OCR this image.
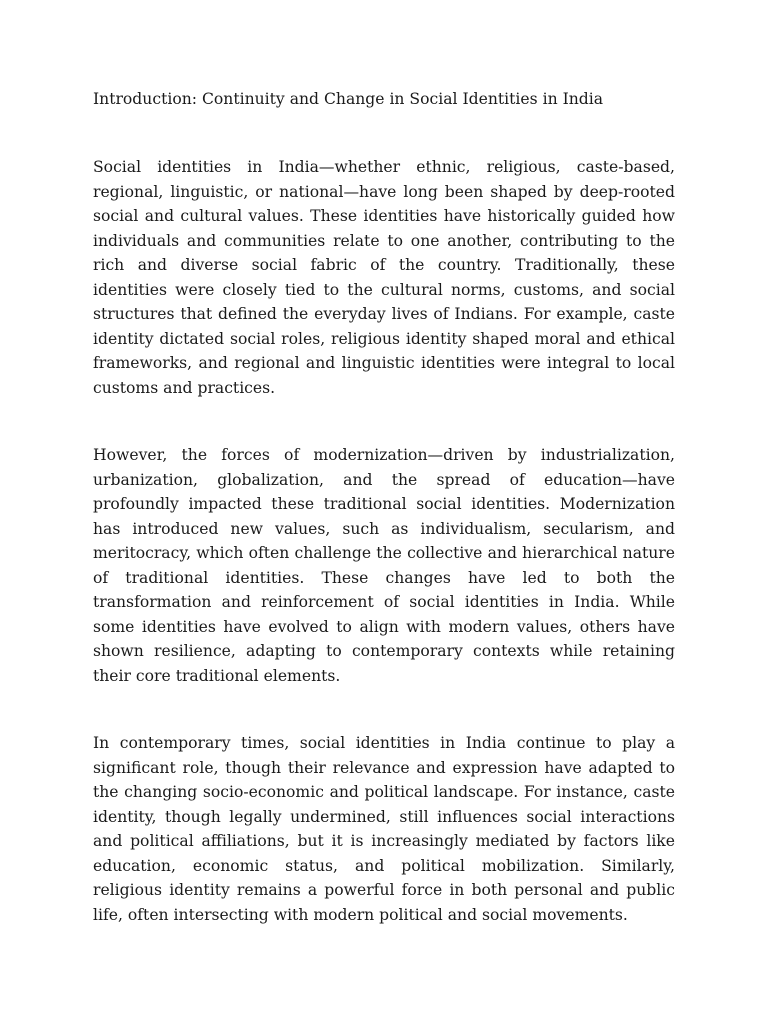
Introduction: Continuity and Change in Social Identities in India

Social identities in India—whether ethnic, religious, caste-based, regional, linguistic, or national—have long been shaped by deep-rooted social and cultural values. These identities have historically guided how individuals and communities relate to one another, contributing to the rich and diverse social fabric of the country. Traditionally, these identities were closely tied to the cultural norms, customs, and social structures that defined the everyday lives of Indians. For example, caste identity dictated social roles, religious identity shaped moral and ethical frameworks, and regional and linguistic identities were integral to local customs and practices.

However, the forces of modernization—driven by industrialization, urbanization, globalization, and the spread of education—have profoundly impacted these traditional social identities. Modernization has introduced new values, such as individualism, secularism, and meritocracy, which often challenge the collective and hierarchical nature of traditional identities. These changes have led to both the transformation and reinforcement of social identities in India. While some identities have evolved to align with modern values, others have shown resilience, adapting to contemporary contexts while retaining their core traditional elements.

In contemporary times, social identities in India continue to play a significant role, though their relevance and expression have adapted to the changing socio-economic and political landscape. For instance, caste identity, though legally undermined, still influences social interactions and political affiliations, but it is increasingly mediated by factors like education, economic status, and political mobilization. Similarly, religious identity remains a powerful force in both personal and public life, often intersecting with modern political and social movements.
